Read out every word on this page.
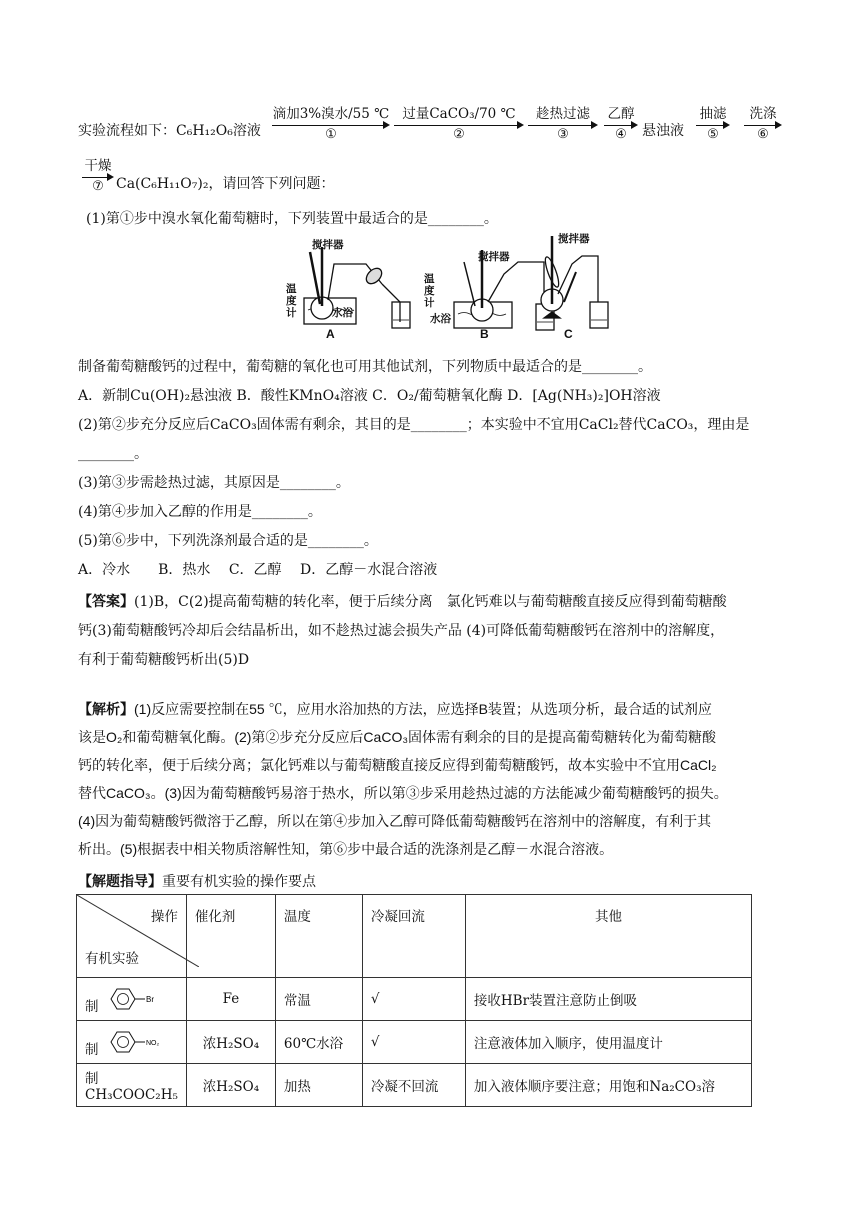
实验流程如下：C₆H₁₂O₆溶液
滴加3%溴水/55 ℃
①
过量CaCO₃/70 ℃
②
趁热过滤
③
乙醇
④	悬浊液
抽滤
⑤
洗涤
⑥
干燥
⑦ Ca(C₆H₁₁O₇)₂，请回答下列问题：
(1)第①步中溴水氧化葡萄糖时，下列装置中最适合的是________。
搅拌器
温
度
计	水浴
A
搅拌器
温
度
计
水浴
B
搅拌器
C
制备葡萄糖酸钙的过程中，葡萄糖的氧化也可用其他试剂，下列物质中最适合的是________。
A．新制Cu(OH)₂悬浊液 B．酸性KMnO₄溶液 C．O₂/葡萄糖氧化酶 D．[Ag(NH₃)₂]OH溶液
(2)第②步充分反应后CaCO₃固体需有剩余，其目的是________；本实验中不宜用CaCl₂替代CaCO₃，理由是
________。
(3)第③步需趁热过滤，其原因是________。
(4)第④步加入乙醇的作用是________。
(5)第⑥步中，下列洗涤剂最合适的是________。
A．冷水　　B．热水　 C．乙醇　 D．乙醇－水混合溶液
【答案】(1)B，C(2)提高葡萄糖的转化率，便于后续分离　氯化钙难以与葡萄糖酸直接反应得到葡萄糖酸
钙(3)葡萄糖酸钙冷却后会结晶析出，如不趁热过滤会损失产品 (4)可降低葡萄糖酸钙在溶剂中的溶解度，
有利于葡萄糖酸钙析出(5)D
【解析】(1)反应需要控制在55 ℃，应用水浴加热的方法，应选择B装置；从选项分析，最合适的试剂应
该是O₂和葡萄糖氧化酶。(2)第②步充分反应后CaCO₃固体需有剩余的目的是提高葡萄糖转化为葡萄糖酸
钙的转化率，便于后续分离；氯化钙难以与葡萄糖酸直接反应得到葡萄糖酸钙，故本实验中不宜用CaCl₂
替代CaCO₃。(3)因为葡萄糖酸钙易溶于热水，所以第③步采用趁热过滤的方法能减少葡萄糖酸钙的损失。
(4)因为葡萄糖酸钙微溶于乙醇，所以在第④步加入乙醇可降低葡萄糖酸钙在溶剂中的溶解度，有利于其
析出。(5)根据表中相关物质溶解性知，第⑥步中最合适的洗涤剂是乙醇－水混合溶液。
【解题指导】重要有机实验的操作要点
操作
有机实验	催化剂	温度	冷凝回流	其他
制 Br	Fe	常温	√	接收HBr装置注意防止倒吸
制 NO₂	浓H₂SO₄	60℃水浴	√	注意液体加入顺序，使用温度计
制CH₃COOC₂H₅	浓H₂SO₄	加热	冷凝不回流	加入液体顺序要注意；用饱和Na₂CO₃溶
